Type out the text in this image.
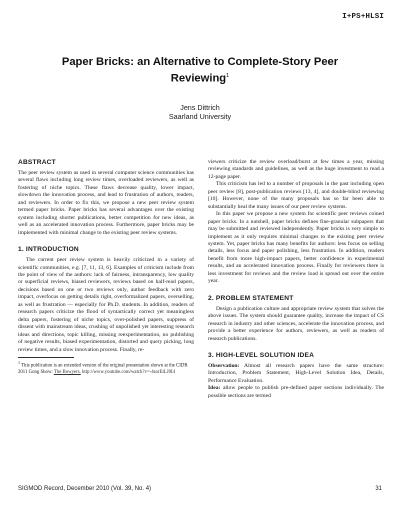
I+PS+HLSI
Paper Bricks: an Alternative to Complete-Story Peer Reviewing$^1$
Jens Dittrich
Saarland University
ABSTRACT

The peer review system as used in several computer science communities has several flaws including long review times, overloaded reviewers, as well as fostering of niche topics. These flaws decrease quality, lower impact, slowdown the innovation process, and lead to frustration of authors, readers, and reviewers. In order to fix this, we propose a new peer review system termed paper bricks. Paper bricks has several advantages over the existing system including shorter publications, better competition for new ideas, as well as an accelerated innovation process. Furthermore, paper bricks may be implemented with minimal change to the existing peer review systems.

1. INTRODUCTION

The current peer review system is heavily criticized in a variety of scientific communities, e.g. [7, 11, 13, 6]. Examples of criticism include from the point of view of the authors: lack of fairness, intransparency, low quality or superficial reviews, biased reviewers, reviews based on half-read papers, decisions based on one or two reviews only, author feedback with zero impact, overfocus on getting details right, overformalized papers, overselling, as well as frustration — especially for Ph.D. students. In addition, readers of research papers criticize the flood of syntactically correct yet meaningless delta papers, fostering of niche topics, over-polished papers, suppress of dissent with mainstream ideas, crushing of unpolished yet interesting research ideas and directions, topic killing, missing reexperimentation, no publishing of negative results, biased experimentation, distorted and query picking, long review times, and a slow innovation process. Finally, re-

$^1$ This publication is an extended version of the original presentation shown at the CIDR 2011 Gong Show: The Bowyers. http://www.youtube.com/watch?v=-4sorEtLJ0I4

viewers criticize the review overload/burst at few times a year, missing reviewing standards and guidelines, as well as the huge investment to read a 12-page paper.

This criticism has led to a number of proposals in the past including open peer review [8], post-publication reviews [13, 4], and double-blind reviewing [10]. However, none of the many proposals has so far been able to substantially heal the many issues of our peer review systems.

In this paper we propose a new system for scientific peer reviews coined paper bricks. In a nutshell, paper bricks defines fine-granular subpapers that may be submitted and reviewed independently. Paper bricks is very simple to implement as it only requires minimal changes to the existing peer review system. Yet, paper bricks has many benefits for authors: less focus on selling details, less focus and paper polishing, less frustration. In addition, readers benefit from more high-impact papers, better confidence in experimental results, and an accelerated innovation process. Finally for reviewers there is less investment for reviews and the review load is spread out over the entire year.

2. PROBLEM STATEMENT

Design a publication culture and appropriate review system that solves the above issues. The system should guarantee quality, increase the impact of CS research in industry and other sciences, accelerate the innovation process, and provide a better experience for authors, reviewers, as well as readers of research publications.

3. HIGH-LEVEL SOLUTION IDEA

Observation: Almost all research papers have the same structure: Introduction, Problem Statement, High-Level Solution Idea, Details, Performance Evaluation.

Idea: allow people to publish pre-defined paper sections individually. The possible sections are termed

SIGMOD Record, December 2010 (Vol. 39, No. 4)	31
